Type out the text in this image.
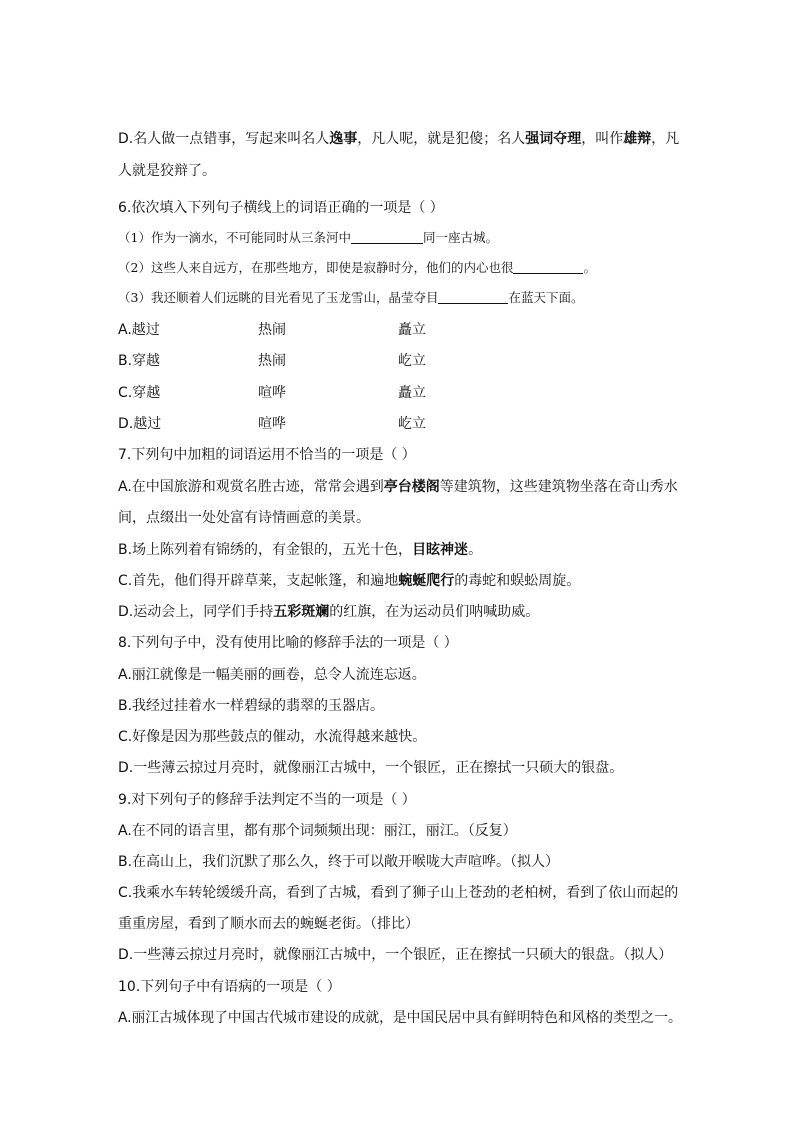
D.名人做一点错事，写起来叫名人逸事，凡人呢，就是犯傻；名人强词夺理，叫作雄辩，凡
人就是狡辩了。
6.依次填入下列句子横线上的词语正确的一项是（ ）
（1）作为一滴水，不可能同时从三条河中	同一座古城。
（2）这些人来自远方，在那些地方，即使是寂静时分，他们的内心也很	。
（3）我还顺着人们远眺的目光看见了玉龙雪山，晶莹夺目	在蓝天下面。
A.越过	热闹	矗立
B.穿越	热闹	屹立
C.穿越	喧哗	矗立
D.越过	喧哗	屹立
7.下列句中加粗的词语运用不恰当的一项是（ ）
A.在中国旅游和观赏名胜古迹，常常会遇到亭台楼阁等建筑物，这些建筑物坐落在奇山秀水
间，点缀出一处处富有诗情画意的美景。
B.场上陈列着有锦绣的，有金银的，五光十色，目眩神迷。
C.首先，他们得开辟草莱，支起帐篷，和遍地蜿蜒爬行的毒蛇和蜈蚣周旋。
D.运动会上，同学们手持五彩斑斓的红旗，在为运动员们呐喊助威。
8.下列句子中，没有使用比喻的修辞手法的一项是（ ）
A.丽江就像是一幅美丽的画卷，总令人流连忘返。
B.我经过挂着水一样碧绿的翡翠的玉器店。
C.好像是因为那些鼓点的催动，水流得越来越快。
D.一些薄云掠过月亮时，就像丽江古城中，一个银匠，正在擦拭一只硕大的银盘。
9.对下列句子的修辞手法判定不当的一项是（ ）
A.在不同的语言里，都有那个词频频出现：丽江，丽江。（反复）
B.在高山上，我们沉默了那么久，终于可以敞开喉咙大声喧哗。（拟人）
C.我乘水车转轮缓缓升高，看到了古城，看到了狮子山上苍劲的老柏树，看到了依山而起的
重重房屋，看到了顺水而去的蜿蜒老街。（排比）
D.一些薄云掠过月亮时，就像丽江古城中，一个银匠，正在擦拭一只硕大的银盘。（拟人）
10.下列句子中有语病的一项是（ ）
A.丽江古城体现了中国古代城市建设的成就，是中国民居中具有鲜明特色和风格的类型之一。
